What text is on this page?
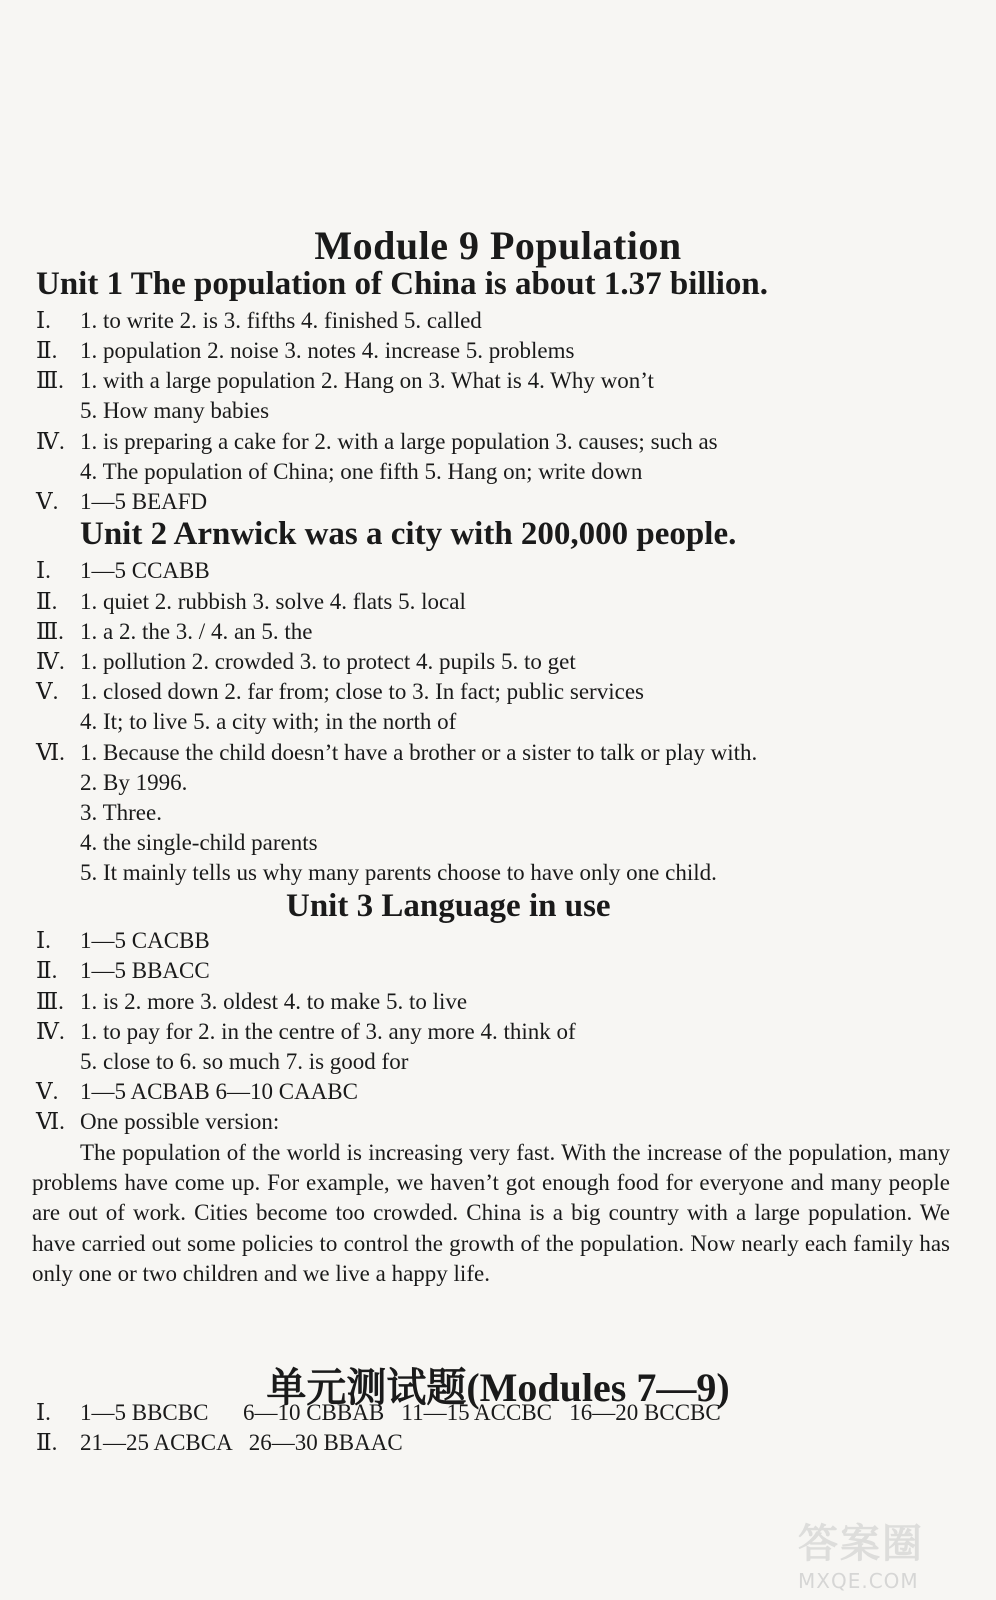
Module 9 Population
Unit 1 The population of China is about 1.37 billion.
Ⅰ. 1. to write 2. is 3. fifths 4. finished 5. called
Ⅱ. 1. population 2. noise 3. notes 4. increase 5. problems
Ⅲ. 1. with a large population 2. Hang on 3. What is 4. Why won’t
5. How many babies
Ⅳ. 1. is preparing a cake for 2. with a large population 3. causes; such as
4. The population of China; one fifth 5. Hang on; write down
Ⅴ. 1—5 BEAFD
Unit 2 Arnwick was a city with 200,000 people.
Ⅰ. 1—5 CCABB
Ⅱ. 1. quiet 2. rubbish 3. solve 4. flats 5. local
Ⅲ. 1. a 2. the 3. / 4. an 5. the
Ⅳ. 1. pollution 2. crowded 3. to protect 4. pupils 5. to get
Ⅴ. 1. closed down 2. far from; close to 3. In fact; public services
4. It; to live 5. a city with; in the north of
Ⅵ. 1. Because the child doesn’t have a brother or a sister to talk or play with.
2. By 1996.
3. Three.
4. the single-child parents
5. It mainly tells us why many parents choose to have only one child.
Unit 3 Language in use
Ⅰ. 1—5 CACBB
Ⅱ. 1—5 BBACC
Ⅲ. 1. is 2. more 3. oldest 4. to make 5. to live
Ⅳ. 1. to pay for 2. in the centre of 3. any more 4. think of
5. close to 6. so much 7. is good for
Ⅴ. 1—5 ACBAB 6—10 CAABC
Ⅵ. One possible version:
The population of the world is increasing very fast. With the increase of the population, many problems have come up. For example, we haven’t got enough food for everyone and many people are out of work. Cities become too crowded. China is a big country with a large population. We have carried out some policies to control the growth of the population. Now nearly each family has only one or two children and we live a happy life.
单元测试题(Modules 7—9)
Ⅰ. 1—5 BBCBC      6—10 CBBAB   11—15 ACCBC   16—20 BCCBC
Ⅱ. 21—25 ACBCA   26—30 BBAAC
答案圈
MXQE.COM
